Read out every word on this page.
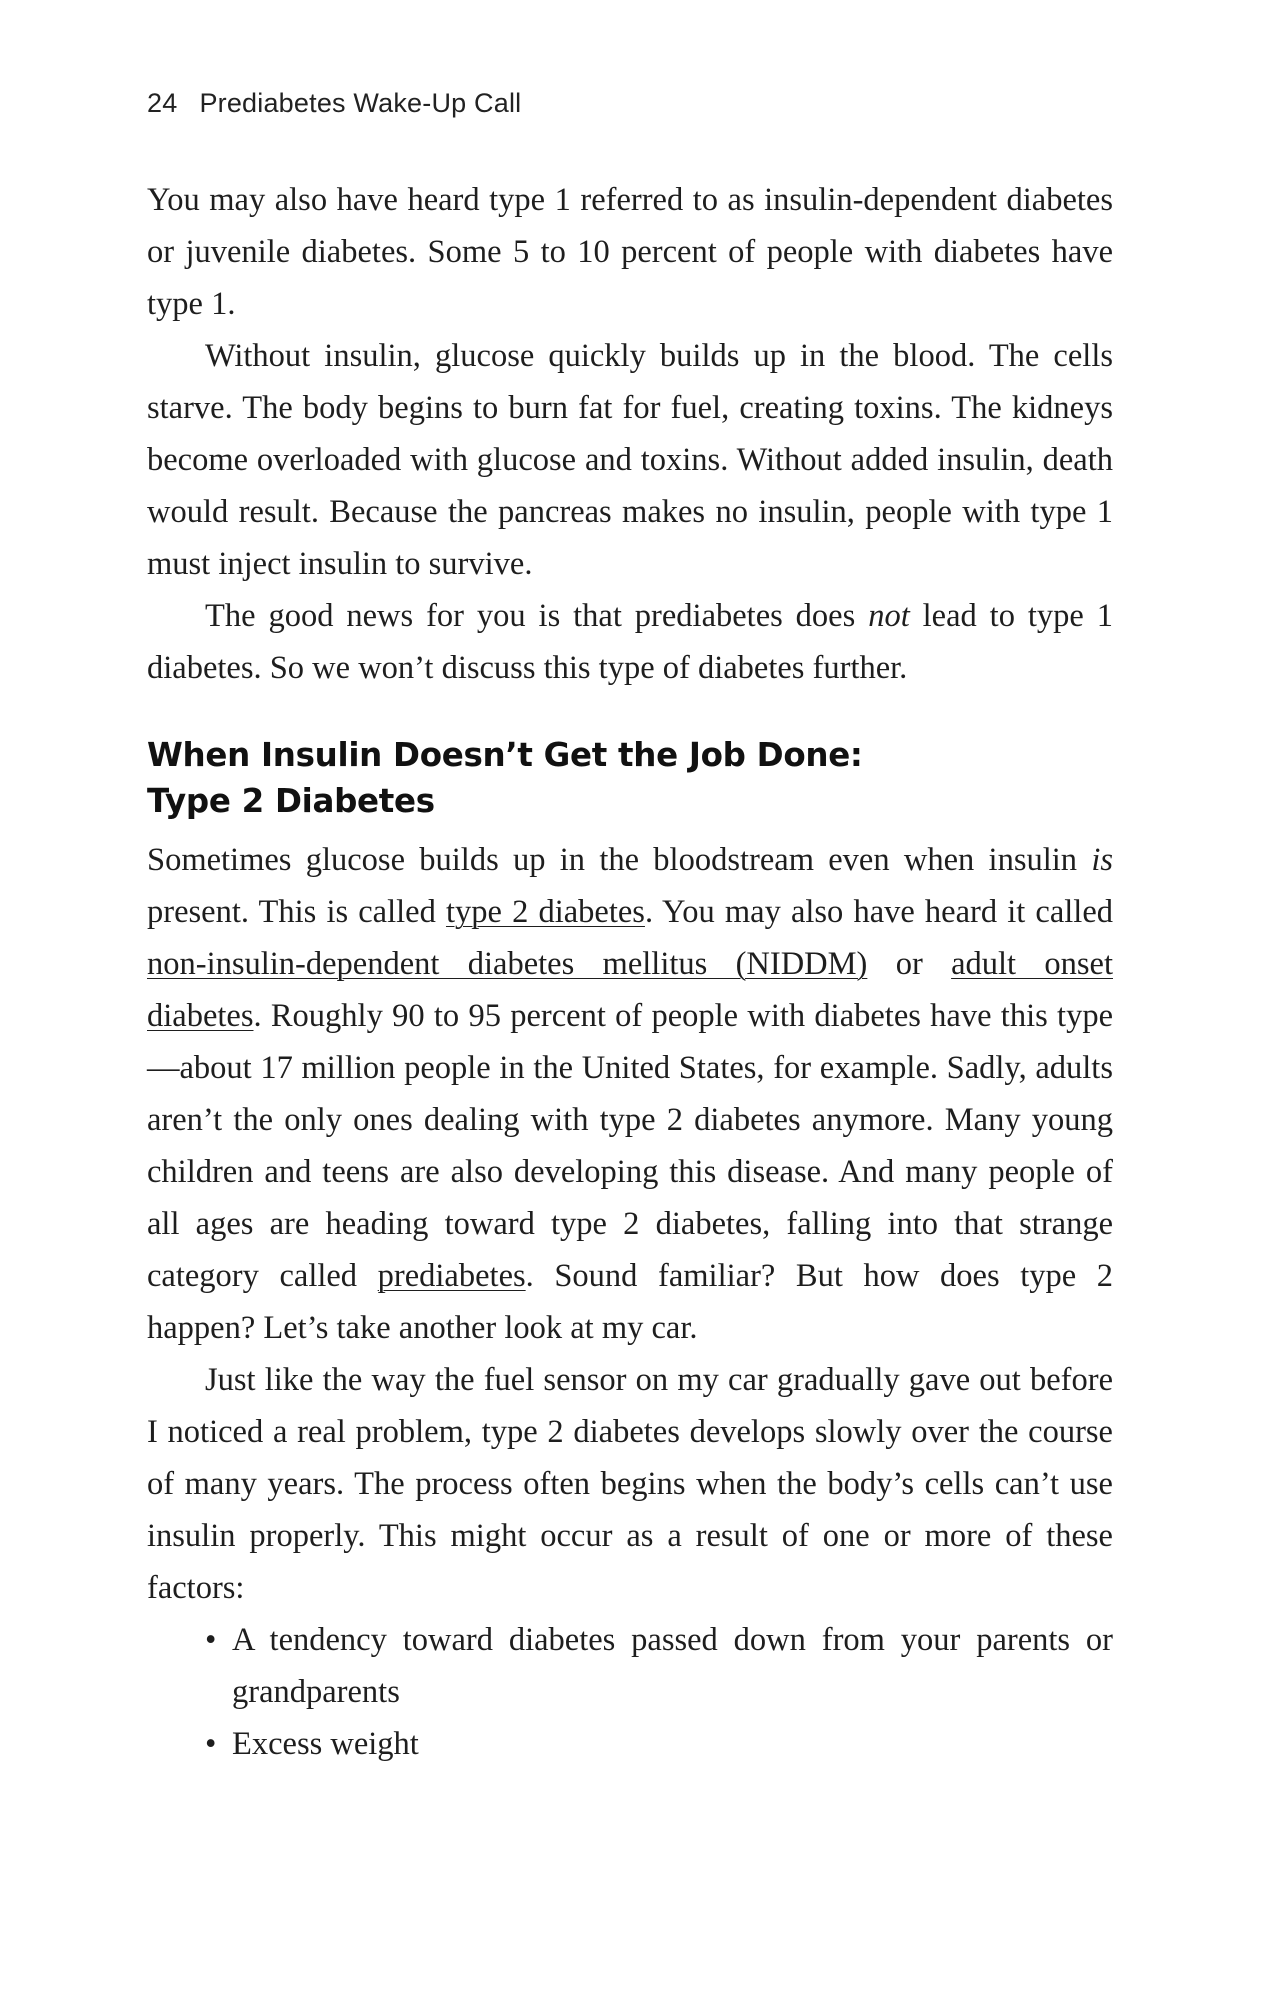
24 Prediabetes Wake-Up Call

You may also have heard type 1 referred to as insulin-dependent diabetes or juvenile diabetes. Some 5 to 10 percent of people with diabetes have type 1.

Without insulin, glucose quickly builds up in the blood. The cells starve. The body begins to burn fat for fuel, creating toxins. The kidneys become overloaded with glucose and toxins. Without added insulin, death would result. Because the pancreas makes no insulin, people with type 1 must inject insulin to survive.

The good news for you is that prediabetes does not lead to type 1 diabetes. So we won’t discuss this type of diabetes further.

When Insulin Doesn’t Get the Job Done:
Type 2 Diabetes

Sometimes glucose builds up in the bloodstream even when insulin is present. This is called type 2 diabetes. You may also have heard it called non-insulin-dependent diabetes mellitus (NIDDM) or adult onset diabetes. Roughly 90 to 95 percent of people with diabetes have this type—about 17 million people in the United States, for example. Sadly, adults aren’t the only ones dealing with type 2 diabetes anymore. Many young children and teens are also developing this disease. And many people of all ages are heading toward type 2 diabetes, falling into that strange category called prediabetes. Sound familiar? But how does type 2 happen? Let’s take another look at my car.

Just like the way the fuel sensor on my car gradually gave out before I noticed a real problem, type 2 diabetes develops slowly over the course of many years. The process often begins when the body’s cells can’t use insulin properly. This might occur as a result of one or more of these factors:

• A tendency toward diabetes passed down from your parents or grandparents
• Excess weight
